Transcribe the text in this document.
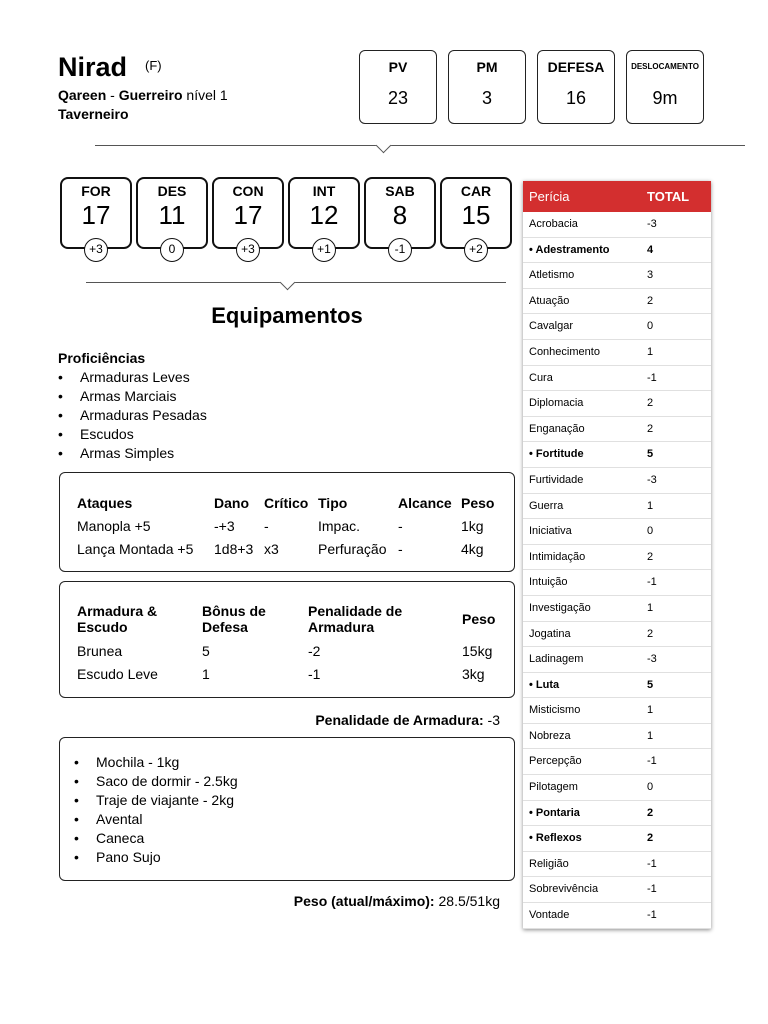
Nirad (F)
Qareen - Guerreiro nível 1
Taverneiro
PV
23
PM
3
DEFESA
16
DESLOCAMENTO
9m
FOR
17
DES
11
CON
17
INT
12
SAB
8
CAR
15
+3	0	+3	+1	-1	+2
Equipamentos
Proficiências
• Armaduras Leves
• Armas Marciais
• Armaduras Pesadas
• Escudos
• Armas Simples
Ataques	Dano	Crítico	Tipo	Alcance	Peso
Manopla +5	-+3	-	Impac.	-	1kg
Lança Montada +5	1d8+3	x3	Perfuração	-	4kg
Armadura & Escudo	Bônus de Defesa	Penalidade de Armadura	Peso
Brunea	5	-2	15kg
Escudo Leve	1	-1	3kg
Penalidade de Armadura: -3
• Mochila - 1kg
• Saco de dormir - 2.5kg
• Traje de viajante - 2kg
• Avental
• Caneca
• Pano Sujo
Peso (atual/máximo): 28.5/51kg
Perícia	TOTAL
Acrobacia	-3
• Adestramento	4
Atletismo	3
Atuação	2
Cavalgar	0
Conhecimento	1
Cura	-1
Diplomacia	2
Enganação	2
• Fortitude	5
Furtividade	-3
Guerra	1
Iniciativa	0
Intimidação	2
Intuição	-1
Investigação	1
Jogatina	2
Ladinagem	-3
• Luta	5
Misticismo	1
Nobreza	1
Percepção	-1
Pilotagem	0
• Pontaria	2
• Reflexos	2
Religião	-1
Sobrevivência	-1
Vontade	-1
